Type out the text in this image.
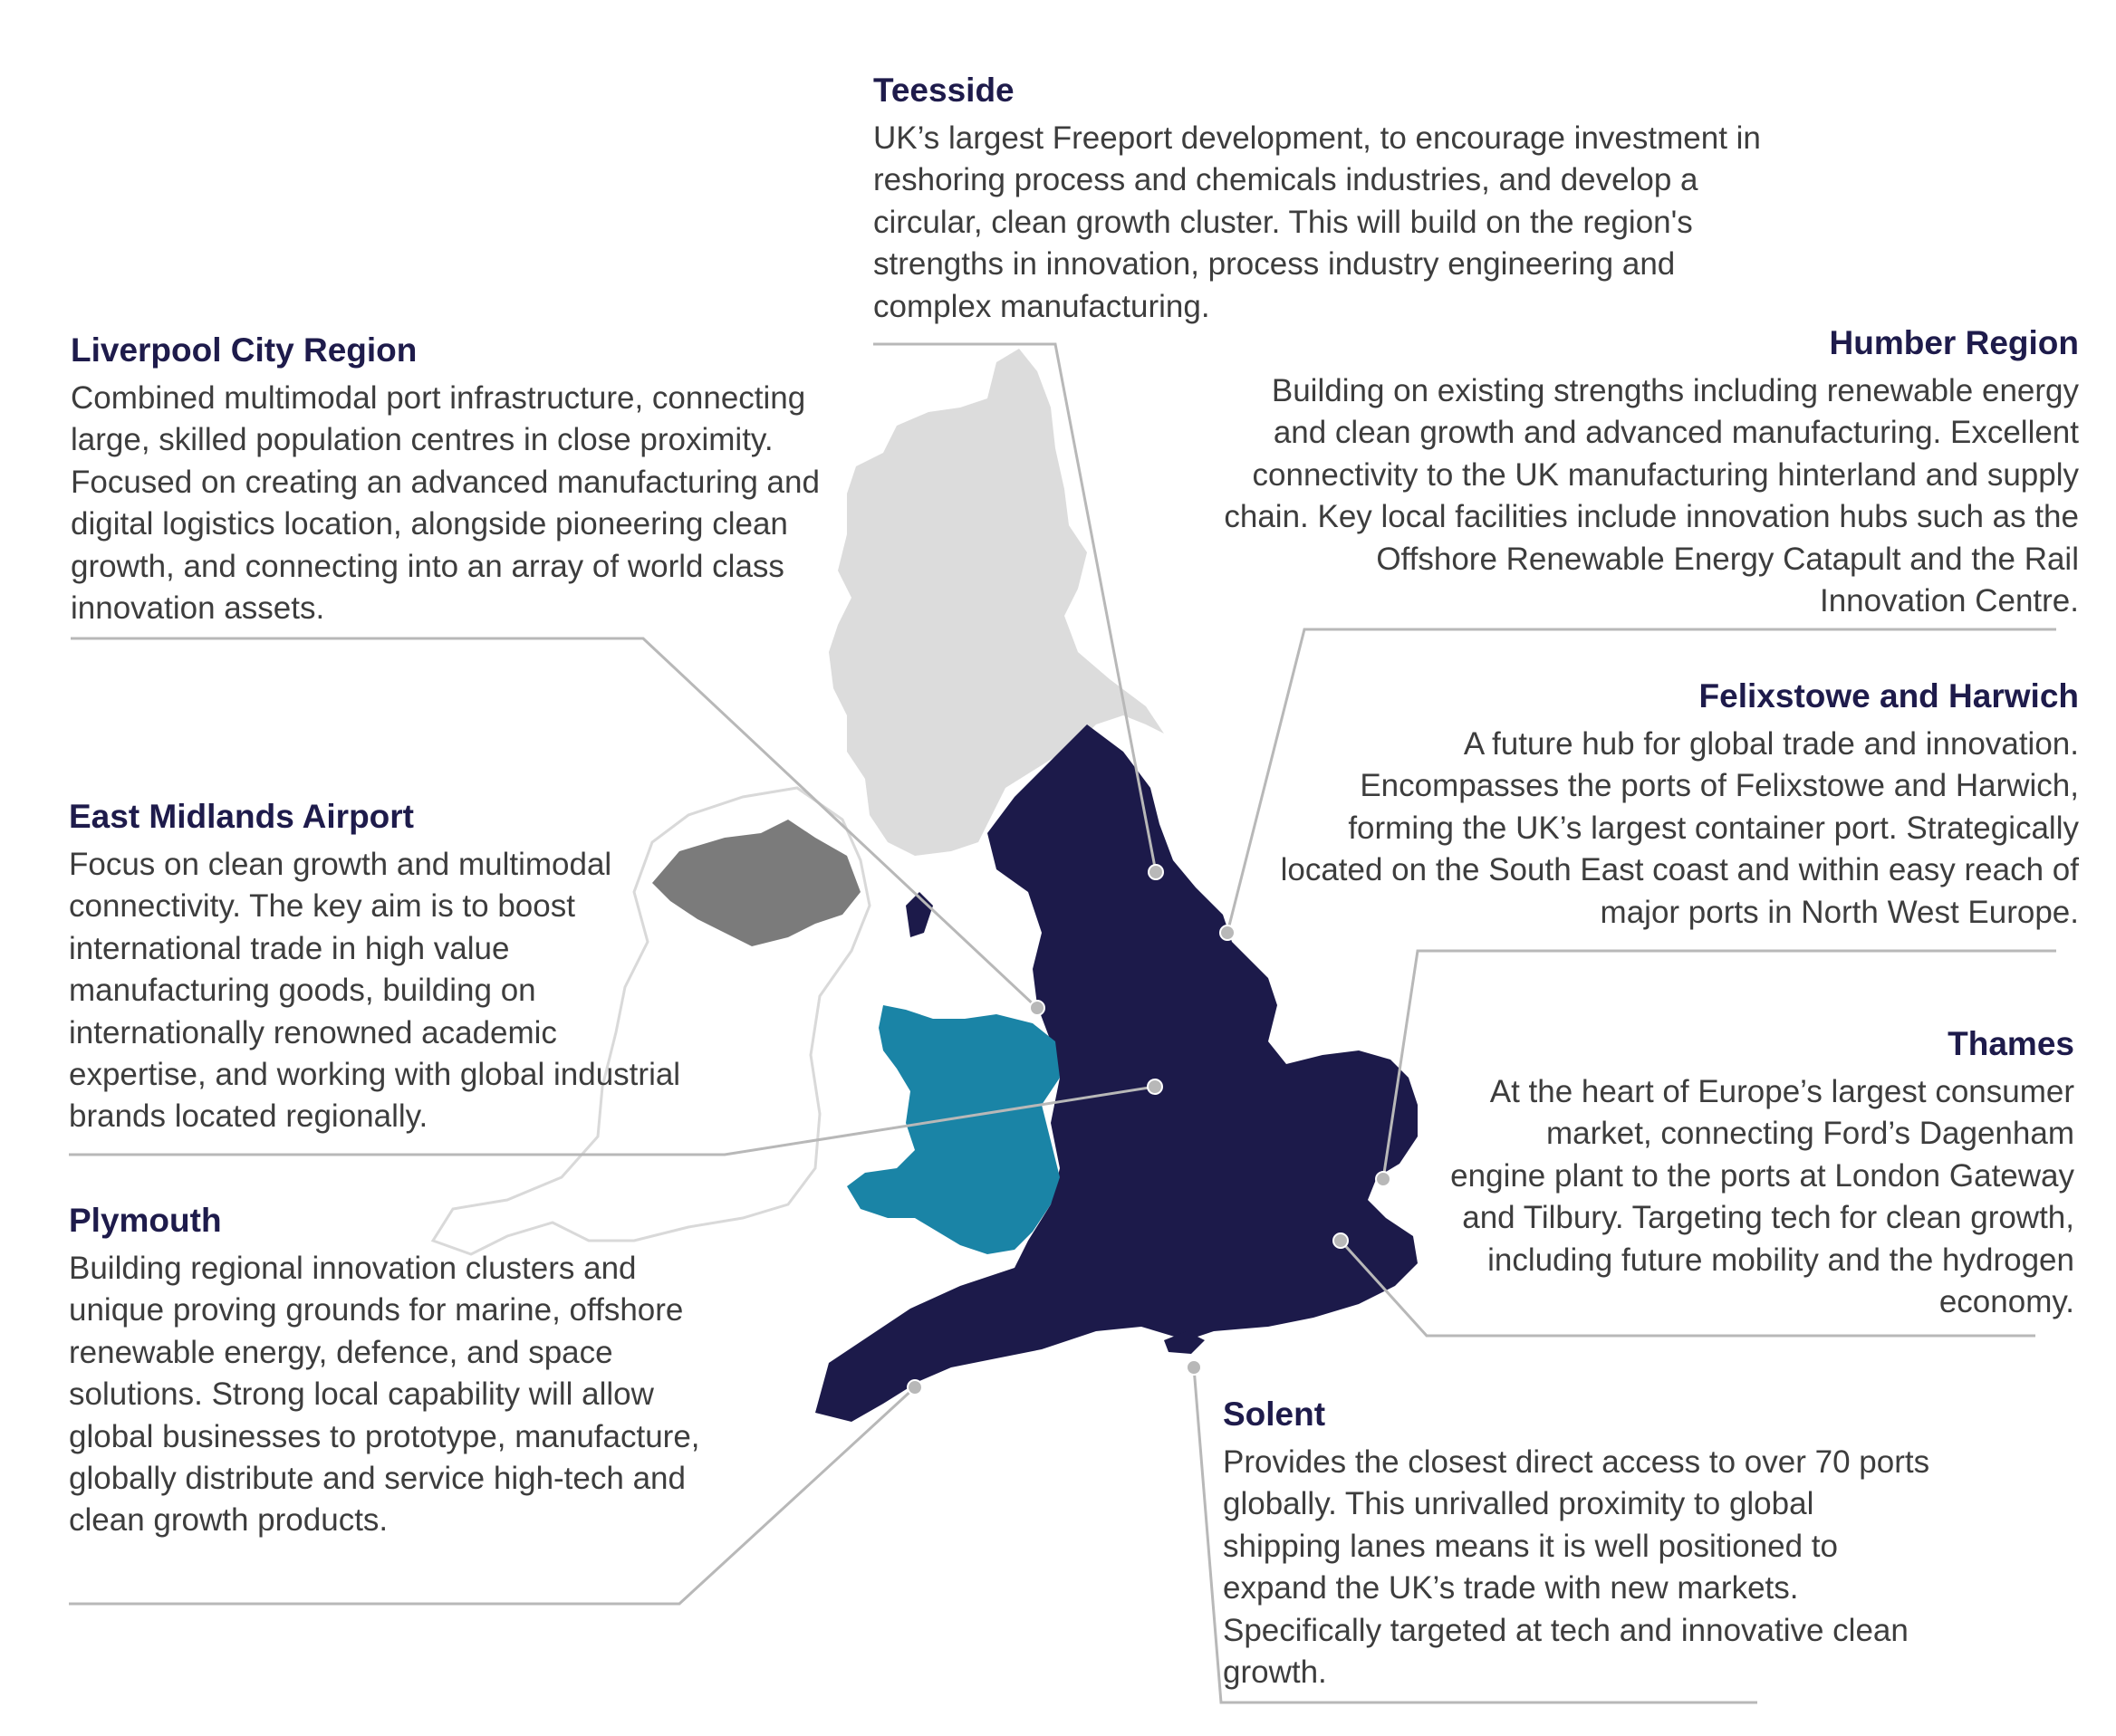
Teesside

UK’s largest Freeport development, to encourage investment in reshoring process and chemicals industries, and develop a circular, clean growth cluster. This will build on the region's strengths in innovation, process industry engineering and complex manufacturing.

Liverpool City Region

Combined multimodal port infrastructure, connecting large, skilled population centres in close proximity. Focused on creating an advanced manufacturing and digital logistics location, alongside pioneering clean growth, and connecting into an array of world class innovation assets.

Humber Region

Building on existing strengths including renewable energy and clean growth and advanced manufacturing. Excellent connectivity to the UK manufacturing hinterland and supply chain. Key local facilities include innovation hubs such as the Offshore Renewable Energy Catapult and the Rail Innovation Centre.

Felixstowe and Harwich

A future hub for global trade and innovation. Encompasses the ports of Felixstowe and Harwich, forming the UK’s largest container port. Strategically located on the South East coast and within easy reach of major ports in North West Europe.

East Midlands Airport

Focus on clean growth and multimodal connectivity. The key aim is to boost international trade in high value manufacturing goods, building on internationally renowned academic expertise, and working with global industrial brands located regionally.

Thames

At the heart of Europe’s largest consumer market, connecting Ford’s Dagenham engine plant to the ports at London Gateway and Tilbury. Targeting tech for clean growth, including future mobility and the hydrogen economy.

Plymouth

Building regional innovation clusters and unique proving grounds for marine, offshore renewable energy, defence, and space solutions. Strong local capability will allow global businesses to prototype, manufacture, globally distribute and service high-tech and clean growth products.

Solent

Provides the closest direct access to over 70 ports globally. This unrivalled proximity to global shipping lanes means it is well positioned to expand the UK’s trade with new markets. Specifically targeted at tech and innovative clean growth.
